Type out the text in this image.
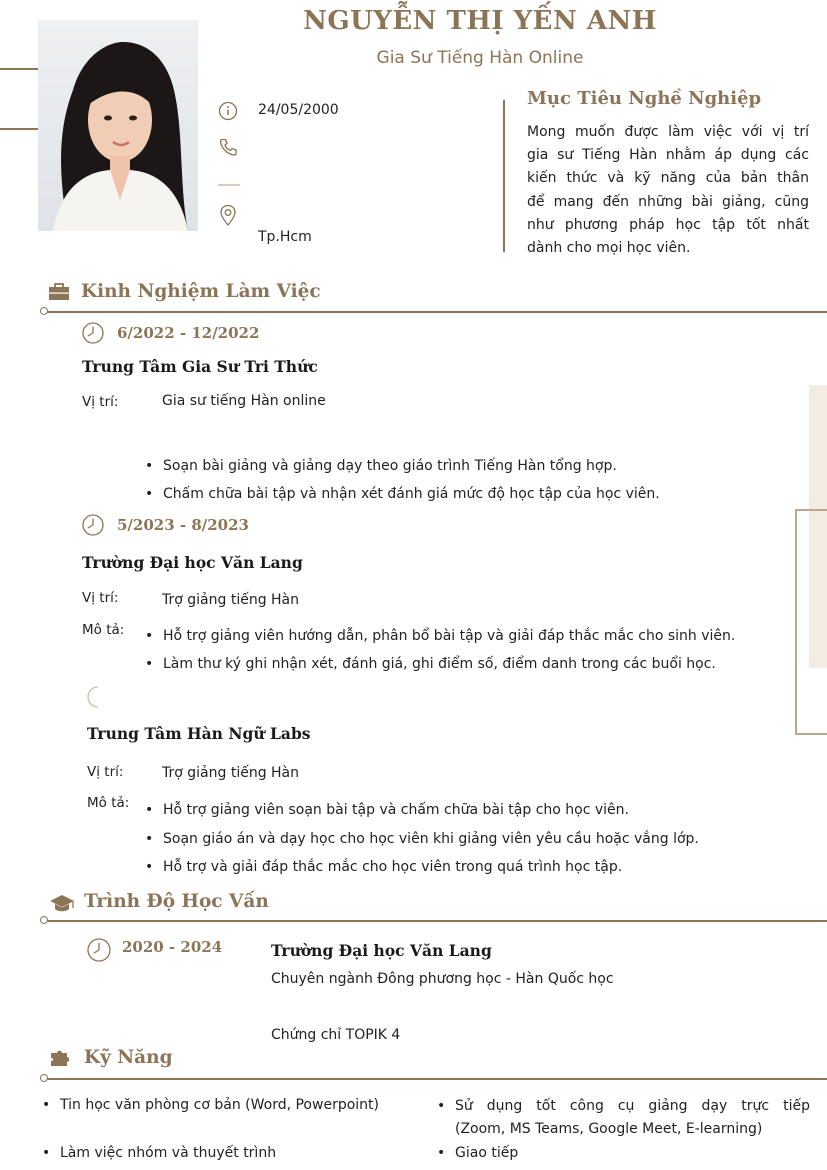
NGUYỄN THỊ YẾN ANH
Gia Sư Tiếng Hàn Online
24/05/2000
Tp.Hcm
Mục Tiêu Nghề Nghiệp
Mong muốn được làm việc với vị trí
gia sư Tiếng Hàn nhằm áp dụng các
kiến thức và kỹ năng của bản thân
để mang đến những bài giảng, cũng
như phương pháp học tập tốt nhất
dành cho mọi học viên.
Kinh Nghiệm Làm Việc
6/2022 - 12/2022
Trung Tâm Gia Sư Tri Thức
Vị trí:	Gia sư tiếng Hàn online
• Soạn bài giảng và giảng dạy theo giáo trình Tiếng Hàn tổng hợp.
• Chấm chữa bài tập và nhận xét đánh giá mức độ học tập của học viên.
5/2023 - 8/2023
Trường Đại học Văn Lang
Vị trí:	Trợ giảng tiếng Hàn
Mô tả:	• Hỗ trợ giảng viên hướng dẫn, phân bổ bài tập và giải đáp thắc mắc cho sinh viên.
• Làm thư ký ghi nhận xét, đánh giá, ghi điểm số, điểm danh trong các buổi học.
Trung Tâm Hàn Ngữ Labs
Vị trí:	Trợ giảng tiếng Hàn
Mô tả:	• Hỗ trợ giảng viên soạn bài tập và chấm chữa bài tập cho học viên.
• Soạn giáo án và dạy học cho học viên khi giảng viên yêu cầu hoặc vắng lớp.
• Hỗ trợ và giải đáp thắc mắc cho học viên trong quá trình học tập.
Trình Độ Học Vấn
2020 - 2024	Trường Đại học Văn Lang
Chuyên ngành Đông phương học - Hàn Quốc học
Chứng chỉ TOPIK 4
Kỹ Năng
• Tin học văn phòng cơ bản (Word, Powerpoint)
• Làm việc nhóm và thuyết trình
• Sử dụng tốt công cụ giảng dạy trực tiếp
(Zoom, MS Teams, Google Meet, E-learning)
• Giao tiếp
